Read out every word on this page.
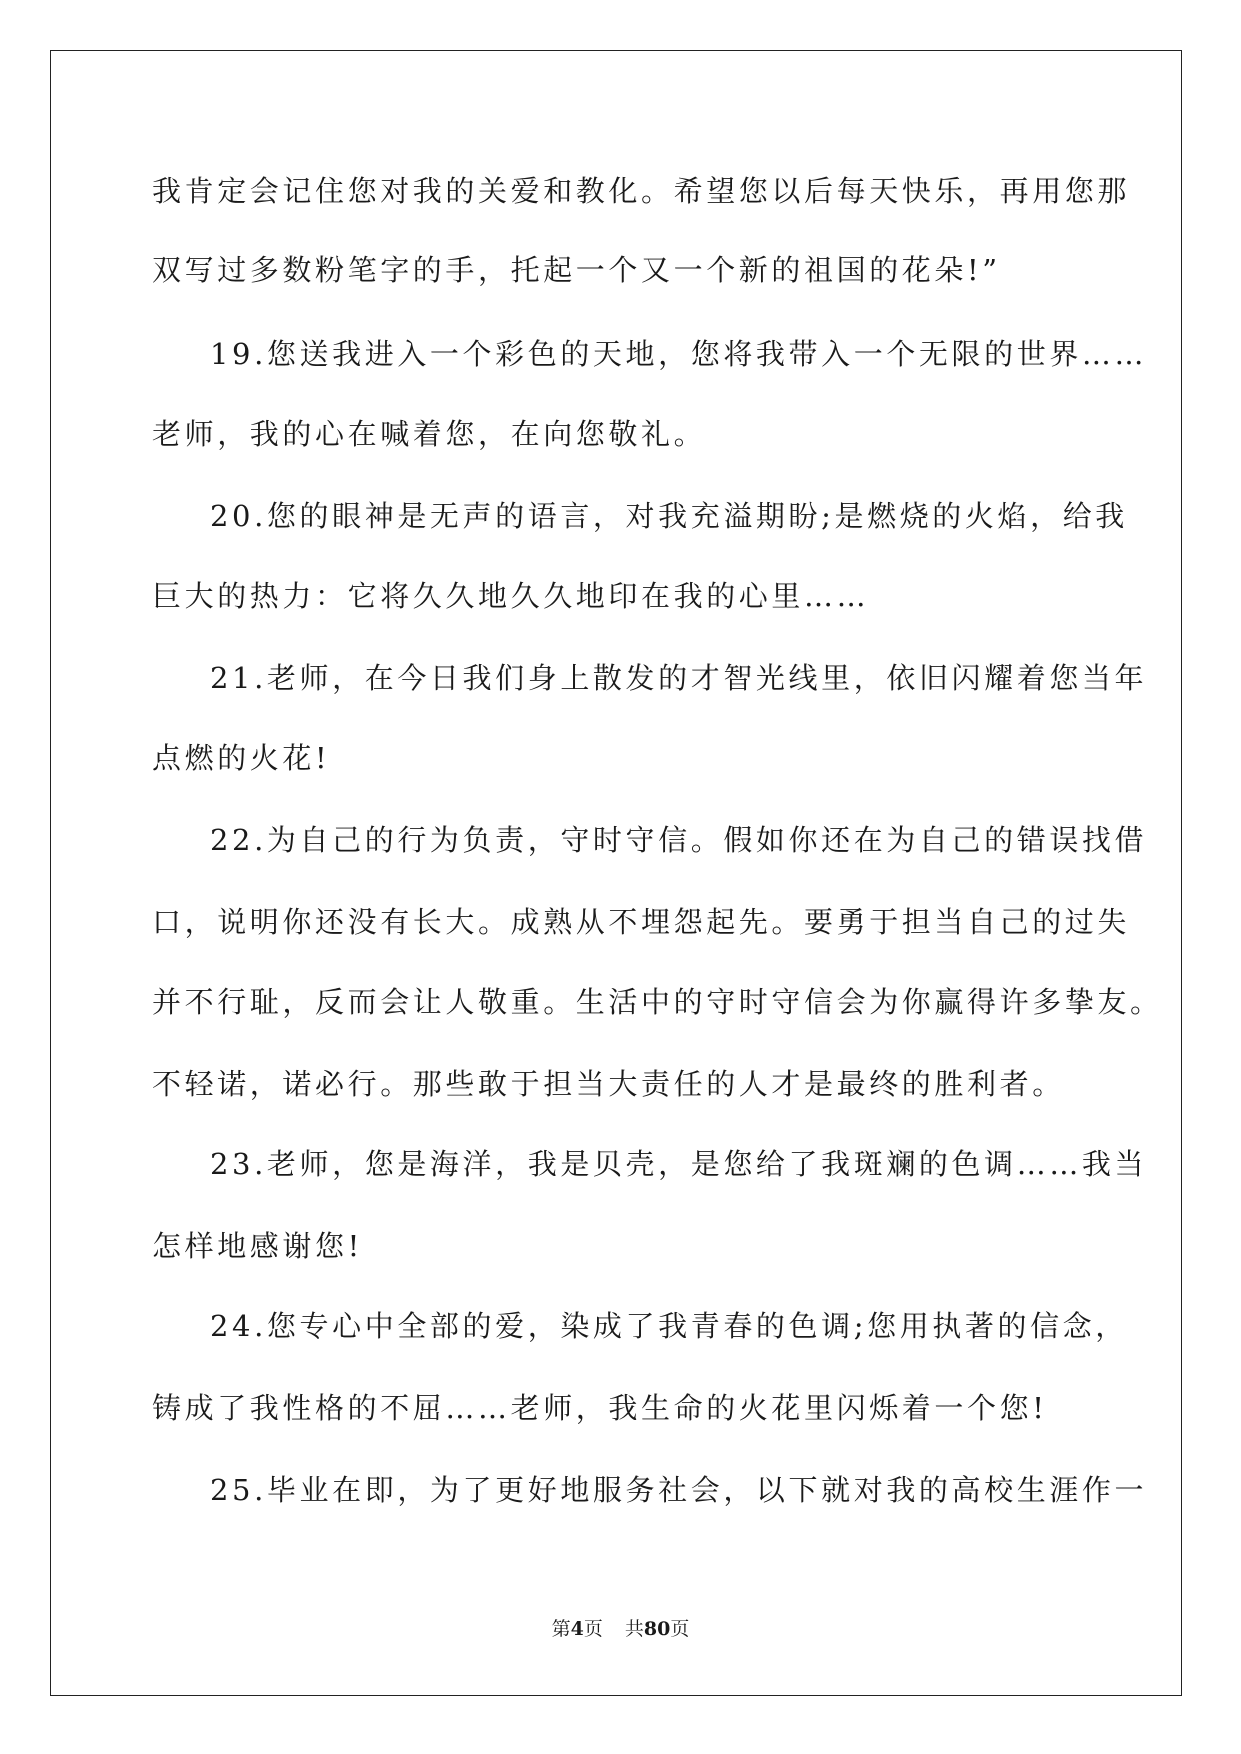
我肯定会记住您对我的关爱和教化。希望您以后每天快乐，再用您那
双写过多数粉笔字的手，托起一个又一个新的祖国的花朵!”
19.您送我进入一个彩色的天地，您将我带入一个无限的世界……
老师，我的心在喊着您，在向您敬礼。
20.您的眼神是无声的语言，对我充溢期盼;是燃烧的火焰，给我
巨大的热力：它将久久地久久地印在我的心里……
21.老师，在今日我们身上散发的才智光线里，依旧闪耀着您当年
点燃的火花!
22.为自己的行为负责，守时守信。假如你还在为自己的错误找借
口，说明你还没有长大。成熟从不埋怨起先。要勇于担当自己的过失
并不行耻，反而会让人敬重。生活中的守时守信会为你赢得许多挚友。
不轻诺，诺必行。那些敢于担当大责任的人才是最终的胜利者。
23.老师，您是海洋，我是贝壳，是您给了我斑斓的色调……我当
怎样地感谢您!
24.您专心中全部的爱，染成了我青春的色调;您用执著的信念，
铸成了我性格的不屈……老师，我生命的火花里闪烁着一个您!
25.毕业在即，为了更好地服务社会，以下就对我的高校生涯作一
第4页 共80页
